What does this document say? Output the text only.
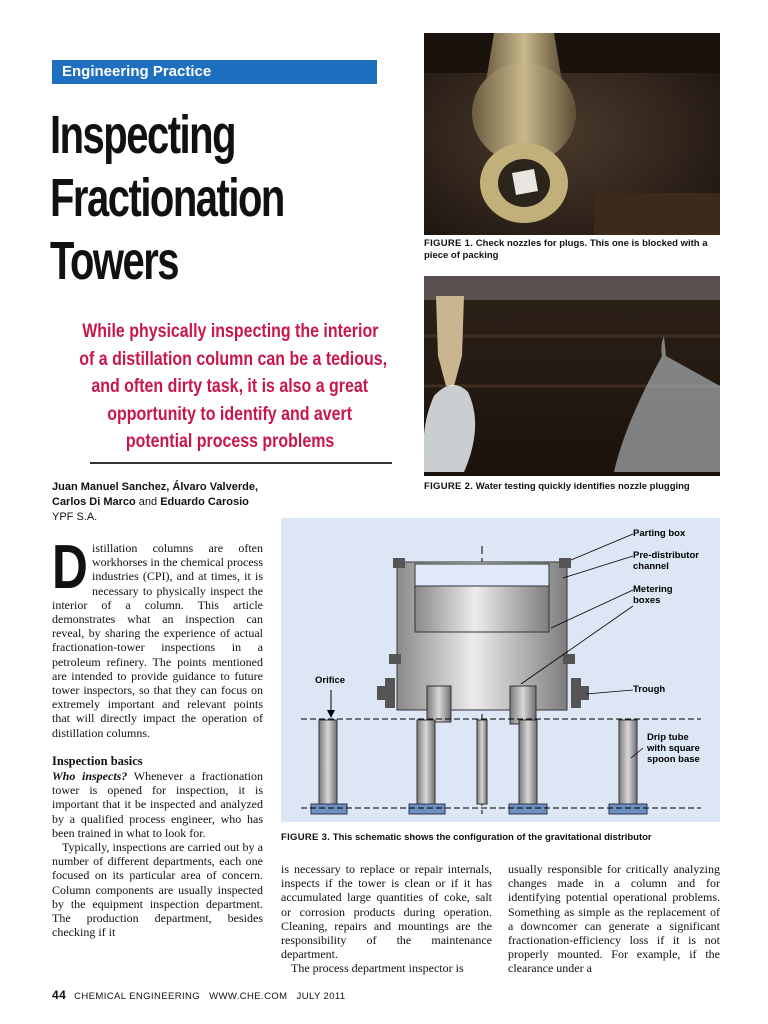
Engineering Practice
Inspecting
Fractionation
Towers
While physically inspecting the interior
of a distillation column can be a tedious,
and often dirty task, it is also a great
opportunity to identify and avert
potential process problems
Juan Manuel Sanchez, Álvaro Valverde,
Carlos Di Marco and Eduardo Carosio
YPF S.A.
FIGURE 1. Check nozzles for plugs. This one is blocked with a piece of packing
FIGURE 2. Water testing quickly identifies nozzle plugging
Parting box
Pre-distributor
channel
Metering
boxes
Orifice
Trough
Drip tube
with square
spoon base
FIGURE 3. This schematic shows the configuration of the gravitational distributor

Distillation columns are often workhorses in the chemical process industries (CPI), and at times, it is necessary to physically inspect the interior of a column. This article demonstrates what an inspection can reveal, by sharing the experience of actual fractionation-tower inspections in a petroleum refinery. The points mentioned are intended to provide guidance to future tower inspectors, so that they can focus on extremely important and relevant points that will directly impact the operation of distillation columns.

Inspection basics

Who inspects? Whenever a fractionation tower is opened for inspection, it is important that it be inspected and analyzed by a qualified process engineer, who has been trained in what to look for.

Typically, inspections are carried out by a number of different departments, each one focused on its particular area of concern. Column components are usually inspected by the equipment inspection department. The production department, besides checking if it

is necessary to replace or repair internals, inspects if the tower is clean or if it has accumulated large quantities of coke, salt or corrosion products during operation. Cleaning, repairs and mountings are the responsibility of the maintenance department.

The process department inspector is

usually responsible for critically analyzing changes made in a column and for identifying potential operational problems. Something as simple as the replacement of a downcomer can generate a significant fractionation-efficiency loss if it is not properly mounted. For example, if the clearance under a

44 CHEMICAL ENGINEERING   WWW.CHE.COM   JULY 2011
